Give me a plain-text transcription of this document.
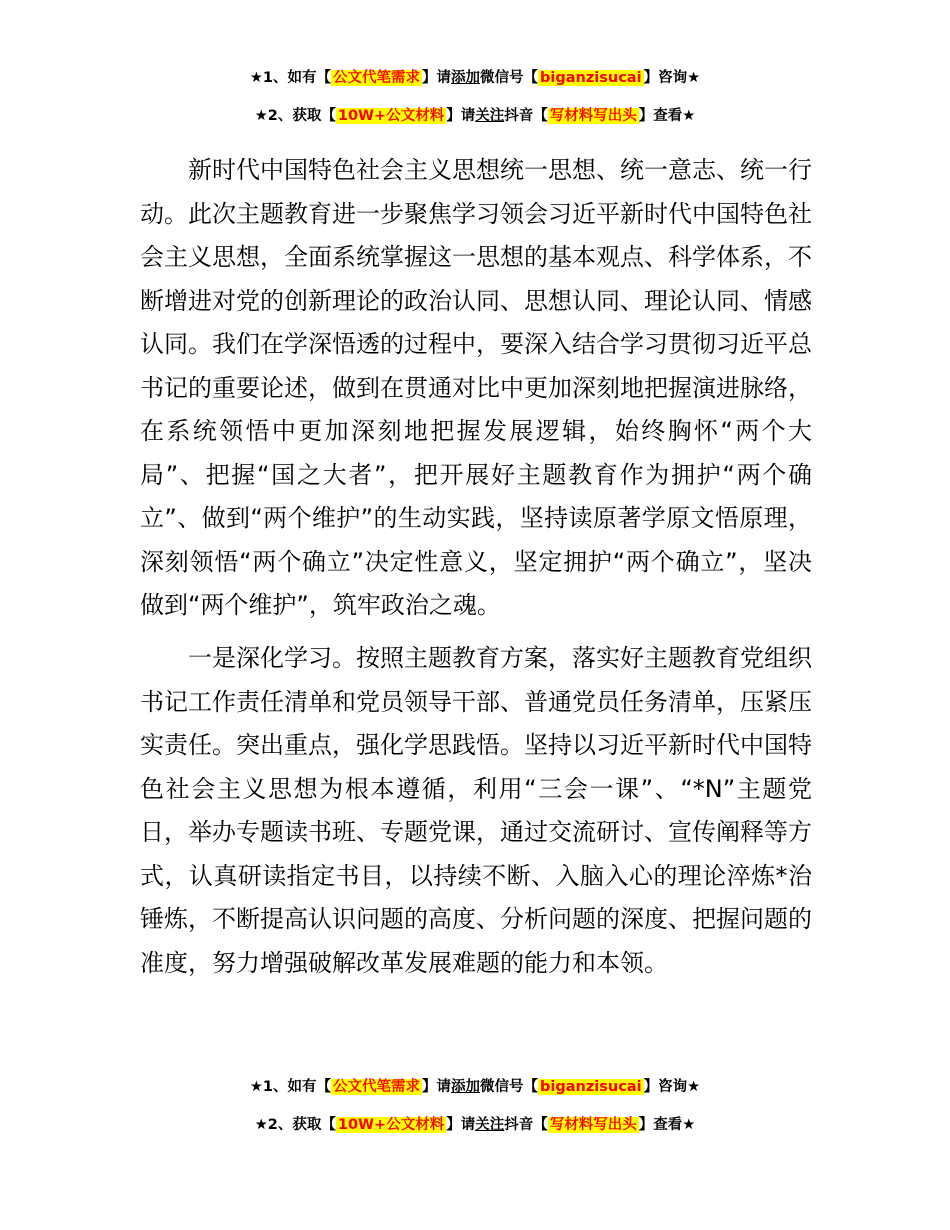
★1、如有【 公文代笔需求 】请添加微信号【 biganzisucai 】咨询★
★2、获取【 10W+公文材料 】请关注抖音【 写材料写出头 】查看★

新时代中国特色社会主义思想统一思想、统一意志、统一行动。此次主题教育进一步聚焦学习领会习近平新时代中国特色社会主义思想，全面系统掌握这一思想的基本观点、科学体系，不断增进对党的创新理论的政治认同、思想认同、理论认同、情感认同。我们在学深悟透的过程中，要深入结合学习贯彻习近平总书记的重要论述，做到在贯通对比中更加深刻地把握演进脉络，在系统领悟中更加深刻地把握发展逻辑，始终胸怀“两个大局”、把握“国之大者”，把开展好主题教育作为拥护“两个确立”、做到“两个维护”的生动实践，坚持读原著学原文悟原理，深刻领悟“两个确立”决定性意义，坚定拥护“两个确立”，坚决做到“两个维护”，筑牢政治之魂。

一是深化学习。按照主题教育方案，落实好主题教育党组织书记工作责任清单和党员领导干部、普通党员任务清单，压紧压实责任。突出重点，强化学思践悟。坚持以习近平新时代中国特色社会主义思想为根本遵循，利用“三会一课”、“*N”主题党日，举办专题读书班、专题党课，通过交流研讨、宣传阐释等方式，认真研读指定书目，以持续不断、入脑入心的理论淬炼*治锤炼，不断提高认识问题的高度、分析问题的深度、把握问题的准度，努力增强破解改革发展难题的能力和本领。

★1、如有【 公文代笔需求 】请添加微信号【 biganzisucai 】咨询★
★2、获取【 10W+公文材料 】请关注抖音【 写材料写出头 】查看★
